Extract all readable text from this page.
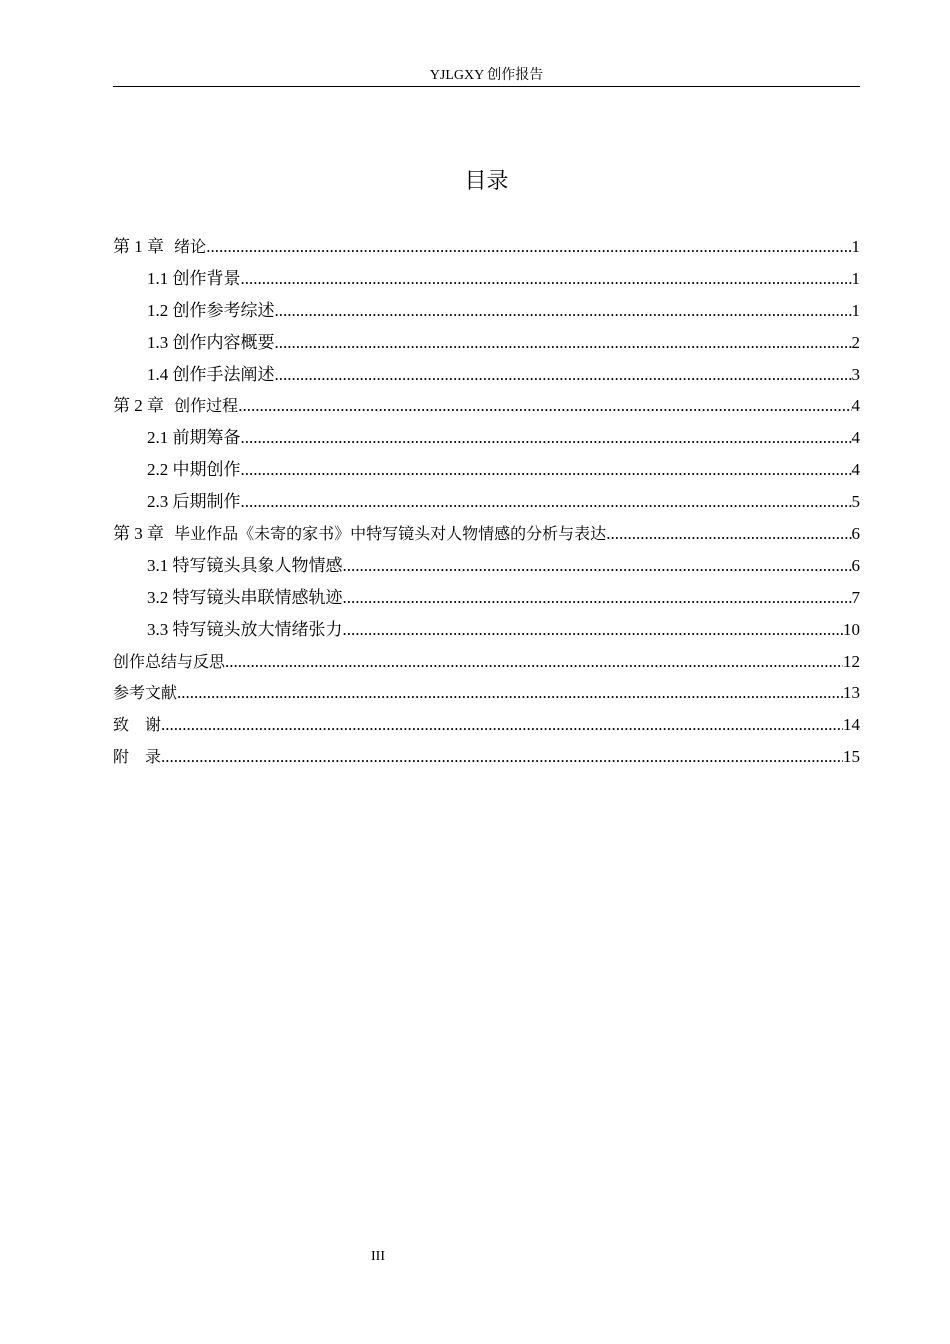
YJLGXY 创作报告
目录
第 1 章 绪论 .....	1
1.1 创作背景 .....	1
1.2 创作参考综述 .....	1
1.3 创作内容概要 .....	2
1.4 创作手法阐述 .....	3
第 2 章 创作过程 .....	4
2.1 前期筹备 .....	4
2.2 中期创作 .....	4
2.3 后期制作 .....	5
第 3 章 毕业作品《未寄的家书》中特写镜头对人物情感的分析与表达 .....	6
3.1 特写镜头具象人物情感 .....	6
3.2 特写镜头串联情感轨迹 .....	7
3.3 特写镜头放大情绪张力 .....	10
创作总结与反思 .....	12
参考文献 .....	13
致　谢 .....	14
附　录 .....	15
III
